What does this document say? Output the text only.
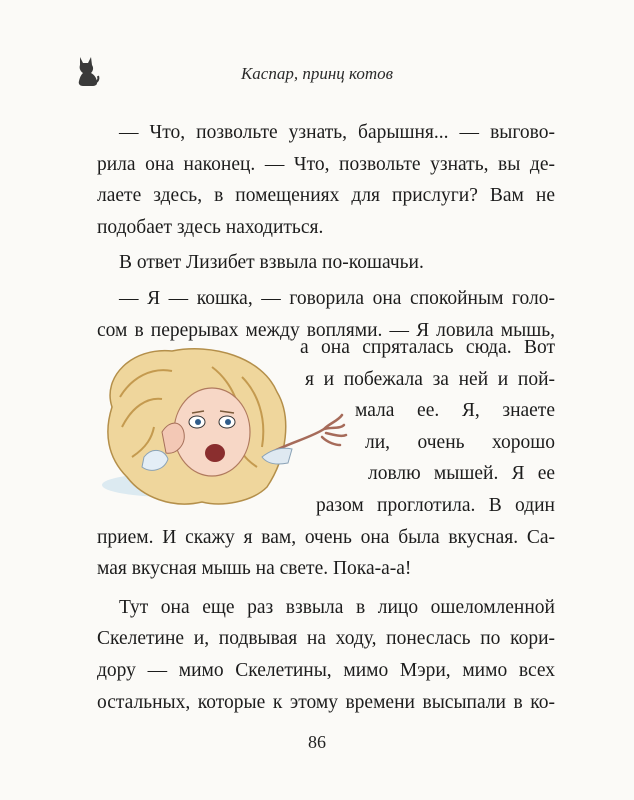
Каспар, принц котов
— Что, позвольте узнать, барышня... — выгово-
рила она наконец. — Что, позвольте узнать, вы де-
лаете здесь, в помещениях для прислуги? Вам не
подобает здесь находиться.
В ответ Лизибет взвыла по-кошачьи.
— Я — кошка, — говорила она спокойным голо-
сом в перерывах между воплями. — Я ловила мышь,
а она спряталась сюда. Вот
я и побежала за ней и пой-
мала ее. Я, знаете
ли, очень хорошо
ловлю мышей. Я ее
разом проглотила. В один
прием. И скажу я вам, очень она была вкусная. Са-
мая вкусная мышь на свете. Пока-а-а!
Тут она еще раз взвыла в лицо ошеломленной
Скелетине и, подвывая на ходу, понеслась по кори-
дору — мимо Скелетины, мимо Мэри, мимо всех
остальных, которые к этому времени высыпали в ко-
86
